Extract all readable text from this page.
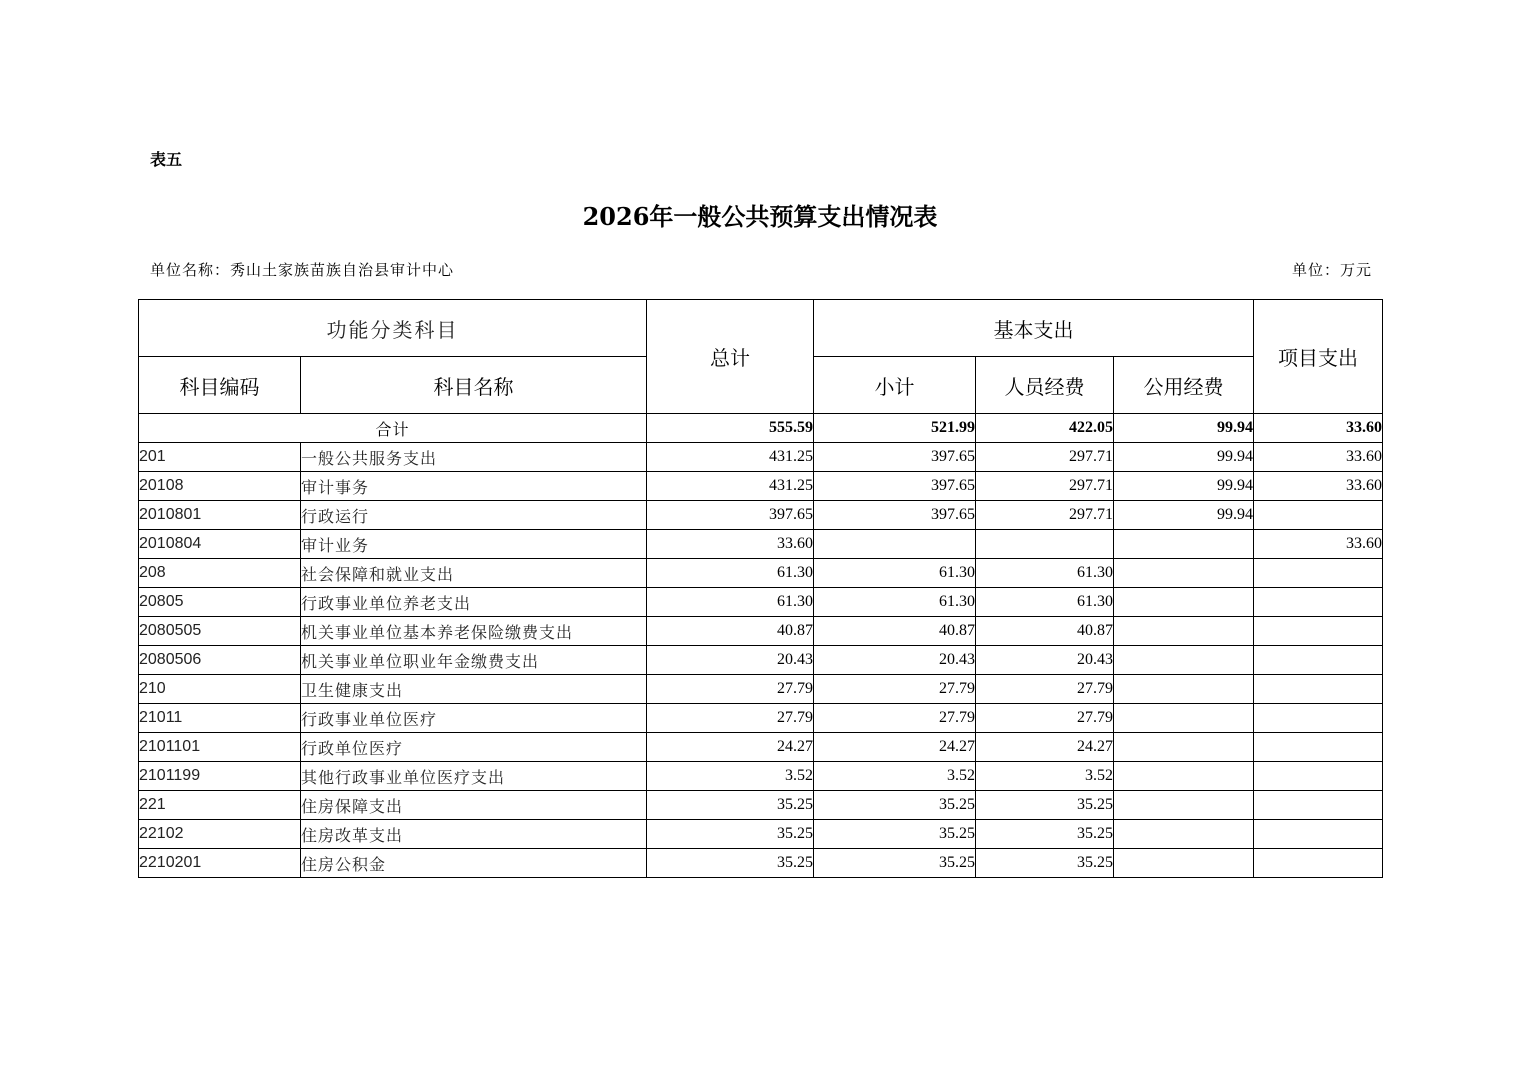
表五
2026年一般公共预算支出情况表
单位名称：秀山土家族苗族自治县审计中心	单位：万元
功能分类科目		总计	基本支出			项目支出
科目编码	科目名称		小计	人员经费	公用经费	
合计		555.59	521.99	422.05	99.94	33.60
201	一般公共服务支出	431.25	397.65	297.71	99.94	33.60
20108	审计事务	431.25	397.65	297.71	99.94	33.60
2010801	行政运行	397.65	397.65	297.71	99.94	
2010804	审计业务	33.60				33.60
208	社会保障和就业支出	61.30	61.30	61.30		
20805	行政事业单位养老支出	61.30	61.30	61.30		
2080505	机关事业单位基本养老保险缴费支出	40.87	40.87	40.87		
2080506	机关事业单位职业年金缴费支出	20.43	20.43	20.43		
210	卫生健康支出	27.79	27.79	27.79		
21011	行政事业单位医疗	27.79	27.79	27.79		
2101101	行政单位医疗	24.27	24.27	24.27		
2101199	其他行政事业单位医疗支出	3.52	3.52	3.52		
221	住房保障支出	35.25	35.25	35.25		
22102	住房改革支出	35.25	35.25	35.25		
2210201	住房公积金	35.25	35.25	35.25		
